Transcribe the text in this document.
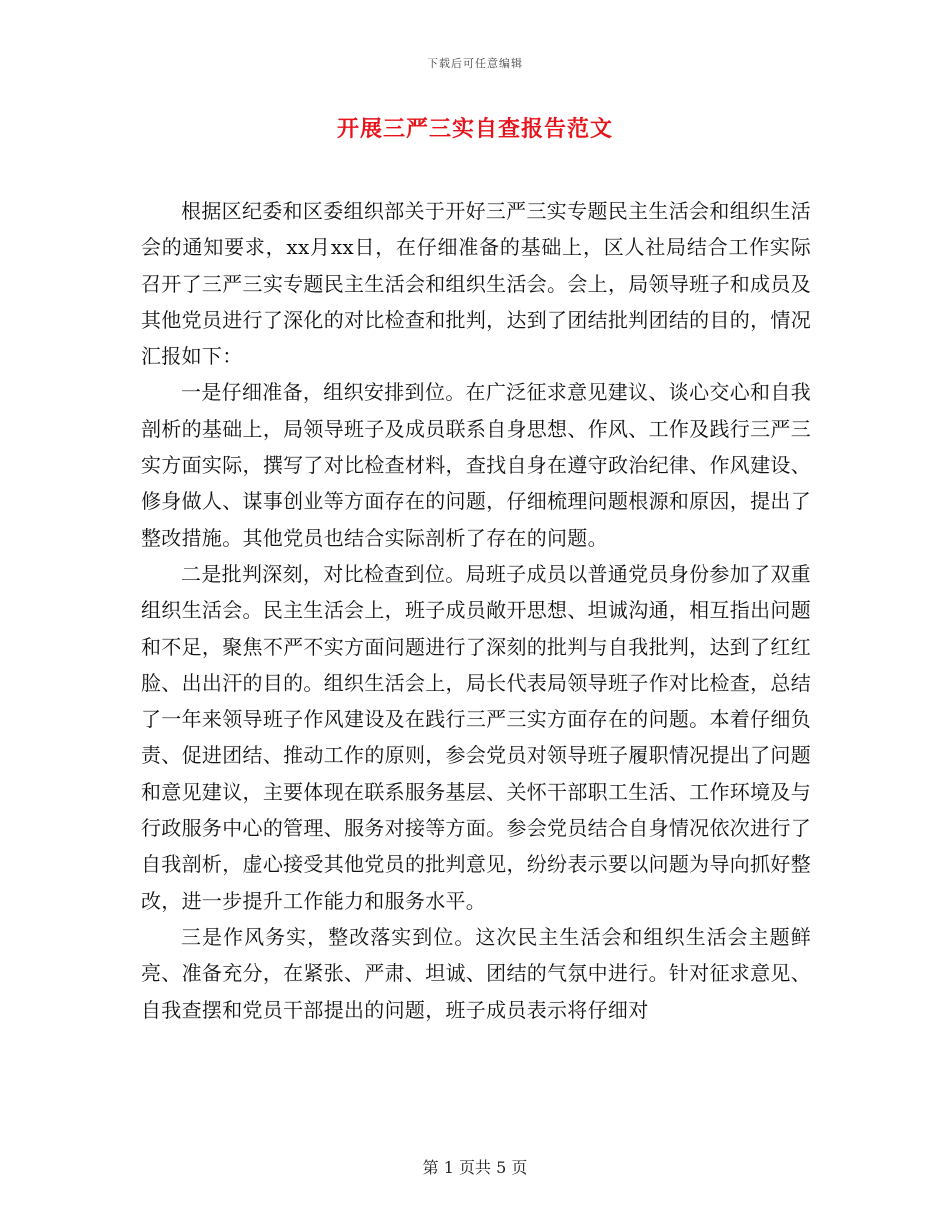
下载后可任意编辑
开展三严三实自查报告范文

根据区纪委和区委组织部关于开好三严三实专题民主生活会和组织生活会的通知要求，xx月xx日，在仔细准备的基础上，区人社局结合工作实际召开了三严三实专题民主生活会和组织生活会。会上，局领导班子和成员及其他党员进行了深化的对比检查和批判，达到了团结批判团结的目的，情况汇报如下：

一是仔细准备，组织安排到位。在广泛征求意见建议、谈心交心和自我剖析的基础上，局领导班子及成员联系自身思想、作风、工作及践行三严三实方面实际，撰写了对比检查材料，查找自身在遵守政治纪律、作风建设、修身做人、谋事创业等方面存在的问题，仔细梳理问题根源和原因，提出了整改措施。其他党员也结合实际剖析了存在的问题。

二是批判深刻，对比检查到位。局班子成员以普通党员身份参加了双重组织生活会。民主生活会上，班子成员敞开思想、坦诚沟通，相互指出问题和不足，聚焦不严不实方面问题进行了深刻的批判与自我批判，达到了红红脸、出出汗的目的。组织生活会上，局长代表局领导班子作对比检查，总结了一年来领导班子作风建设及在践行三严三实方面存在的问题。本着仔细负责、促进团结、推动工作的原则，参会党员对领导班子履职情况提出了问题和意见建议，主要体现在联系服务基层、关怀干部职工生活、工作环境及与行政服务中心的管理、服务对接等方面。参会党员结合自身情况依次进行了自我剖析，虚心接受其他党员的批判意见，纷纷表示要以问题为导向抓好整改，进一步提升工作能力和服务水平。

三是作风务实，整改落实到位。这次民主生活会和组织生活会主题鲜亮、准备充分，在紧张、严肃、坦诚、团结的气氛中进行。针对征求意见、自我查摆和党员干部提出的问题，班子成员表示将仔细对

第 1 页共 5 页
